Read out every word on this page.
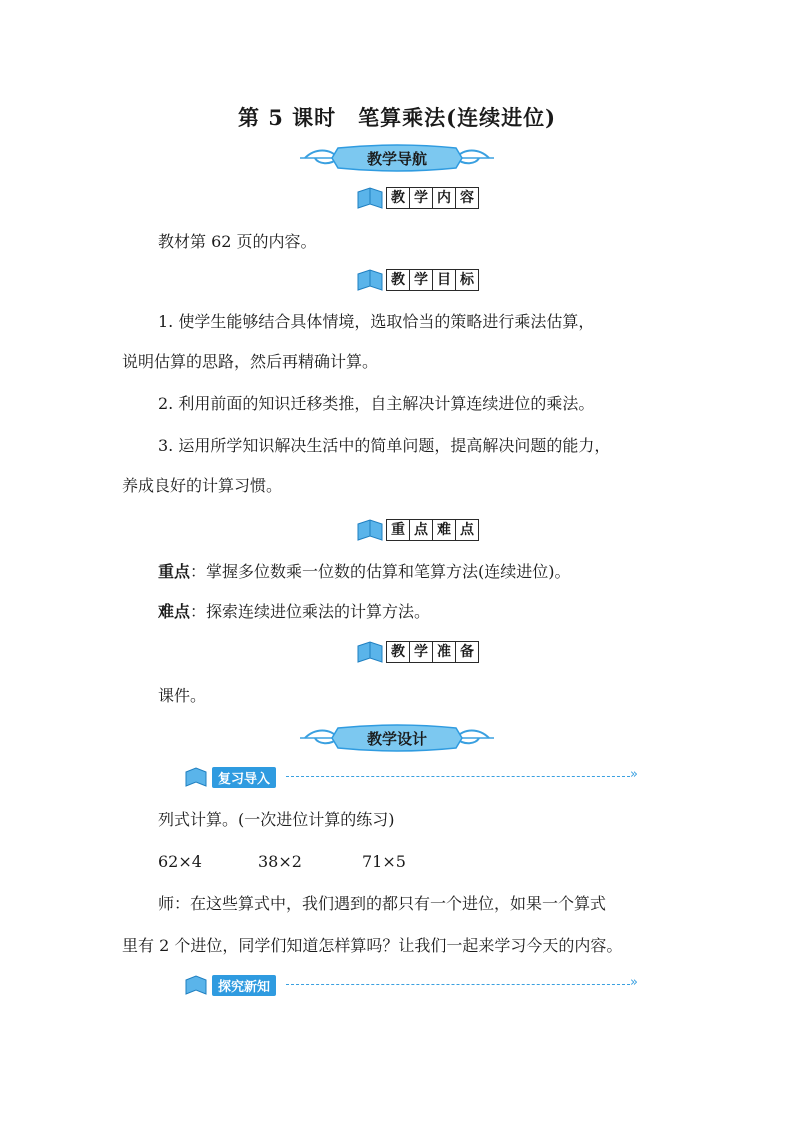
第 5 课时　笔算乘法(连续进位)
教学导航
教 学 内 容
教材第 62 页的内容。
教 学 目 标
1. 使学生能够结合具体情境，选取恰当的策略进行乘法估算，
说明估算的思路，然后再精确计算。
2. 利用前面的知识迁移类推，自主解决计算连续进位的乘法。
3. 运用所学知识解决生活中的简单问题，提高解决问题的能力，
养成良好的计算习惯。
重 点 难 点
重点：掌握多位数乘一位数的估算和笔算方法(连续进位)。
难点：探索连续进位乘法的计算方法。
教 学 准 备
课件。
教学设计
复习导入	»
列式计算。(一次进位计算的练习)
62×4	38×2	71×5
师：在这些算式中，我们遇到的都只有一个进位，如果一个算式
里有 2 个进位，同学们知道怎样算吗？让我们一起来学习今天的内容。
探究新知	»
